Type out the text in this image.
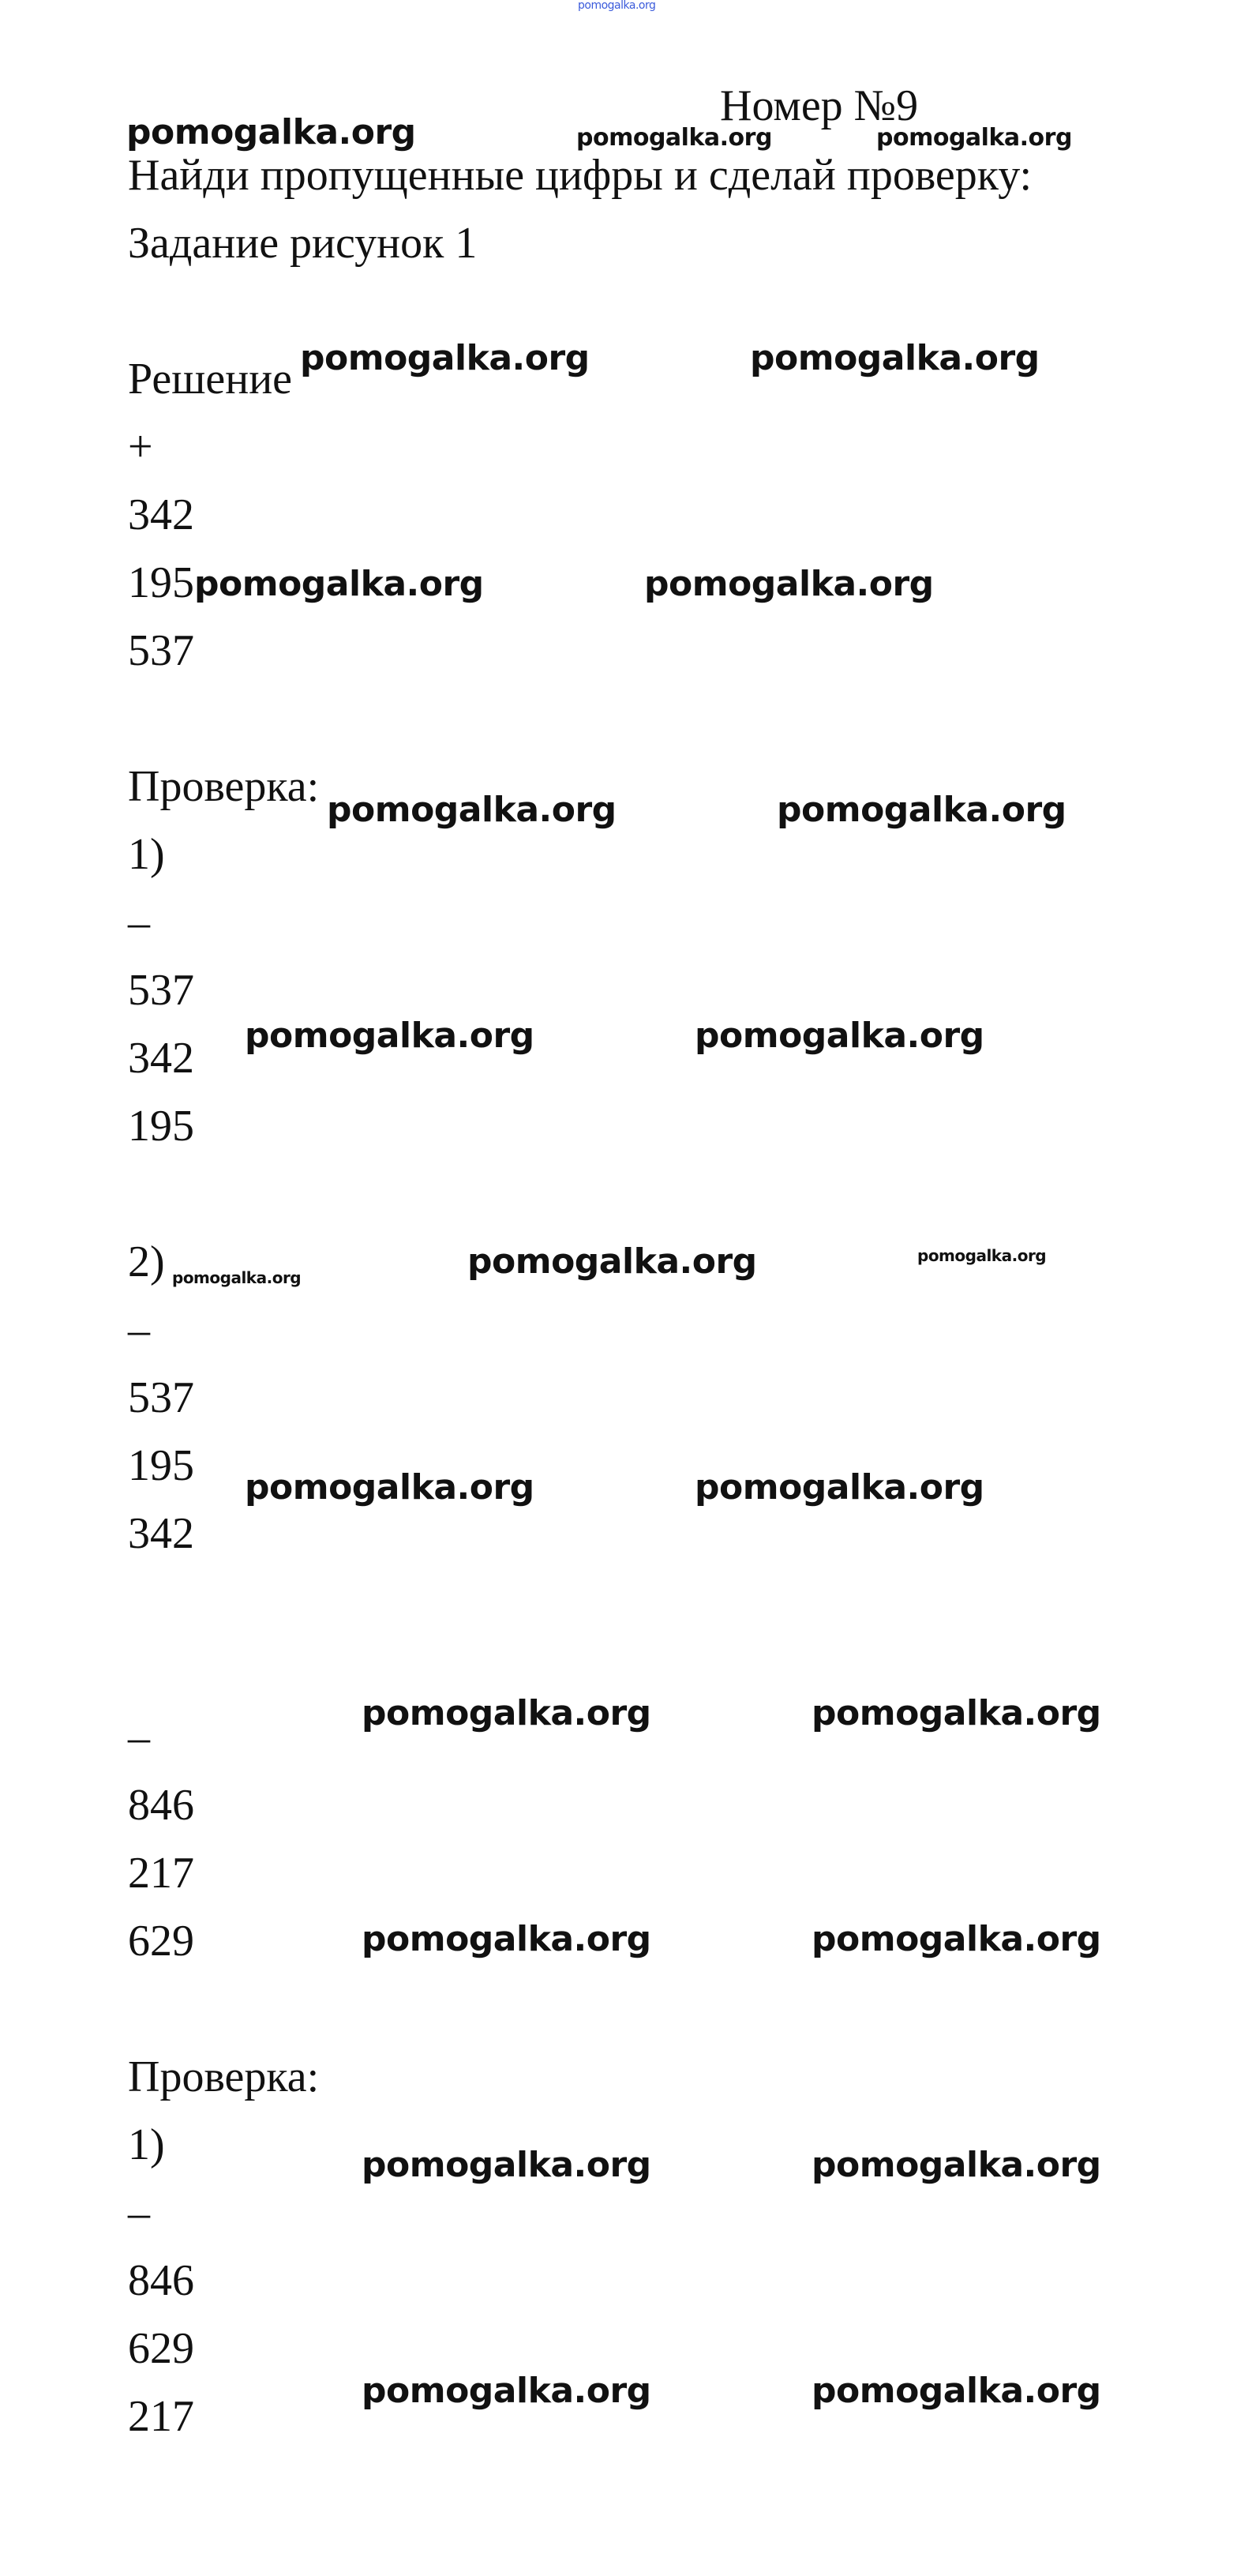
Номер №9

Найди пропущенные цифры и сделай проверку:

Задание рисунок 1

Решение

+

342

195

537

Проверка:

1)

–

537

342

195

2)

–

537

195

342

–

846

217

629

Проверка:

1)

–

846

629

217

pomogalka.org

pomogalka.org	pomogalka.org	pomogalka.org

pomogalka.org	pomogalka.org

pomogalka.org	pomogalka.org

pomogalka.org	pomogalka.org

pomogalka.org	pomogalka.org

pomogalka.org	pomogalka.org	pomogalka.org

pomogalka.org	pomogalka.org

pomogalka.org	pomogalka.org

pomogalka.org	pomogalka.org

pomogalka.org	pomogalka.org

pomogalka.org	pomogalka.org
